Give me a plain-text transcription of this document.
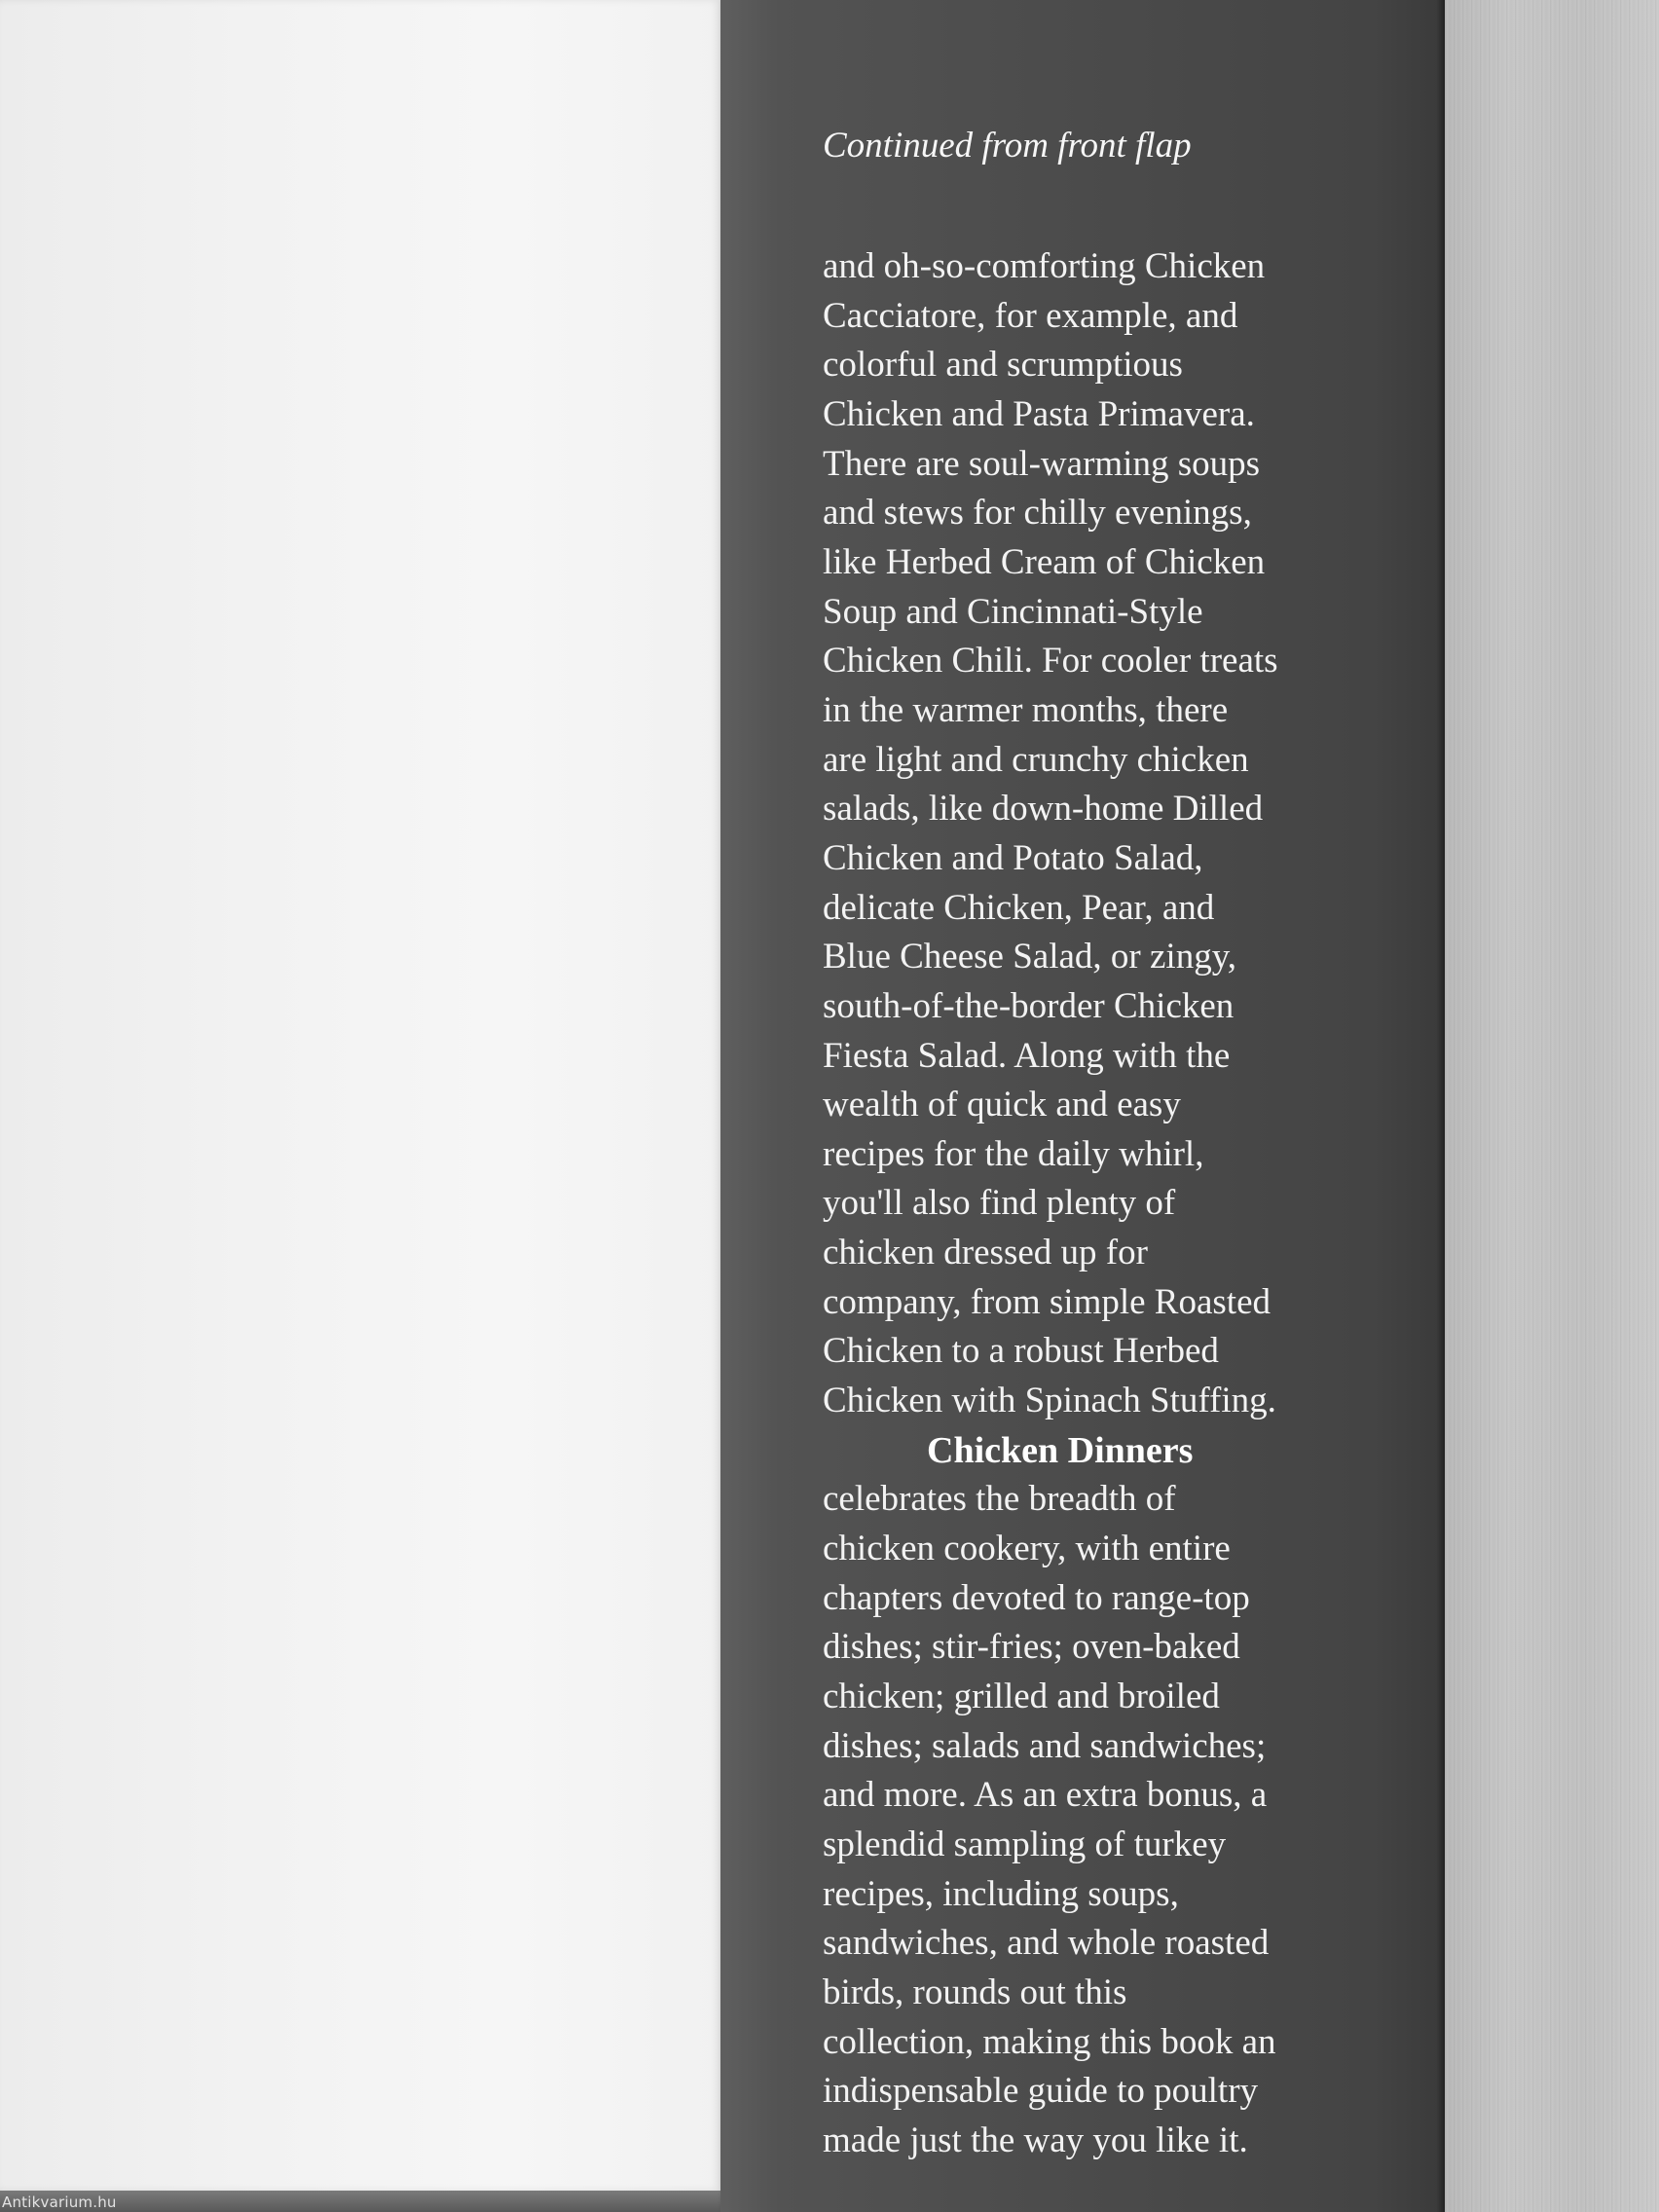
Antikvarium.hu
Continued from front flap

and oh-so-comforting Chicken
Cacciatore, for example, and
colorful and scrumptious
Chicken and Pasta Primavera.
There are soul-warming soups
and stews for chilly evenings,
like Herbed Cream of Chicken
Soup and Cincinnati-Style
Chicken Chili. For cooler treats
in the warmer months, there
are light and crunchy chicken
salads, like down-home Dilled
Chicken and Potato Salad,
delicate Chicken, Pear, and
Blue Cheese Salad, or zingy,
south-of-the-border Chicken
Fiesta Salad. Along with the
wealth of quick and easy
recipes for the daily whirl,
you'll also find plenty of
chicken dressed up for
company, from simple Roasted
Chicken to a robust Herbed
Chicken with Spinach Stuffing.

Chicken Dinners

celebrates the breadth of
chicken cookery, with entire
chapters devoted to range-top
dishes; stir-fries; oven-baked
chicken; grilled and broiled
dishes; salads and sandwiches;
and more. As an extra bonus, a
splendid sampling of turkey
recipes, including soups,
sandwiches, and whole roasted
birds, rounds out this
collection, making this book an
indispensable guide to poultry
made just the way you like it.
